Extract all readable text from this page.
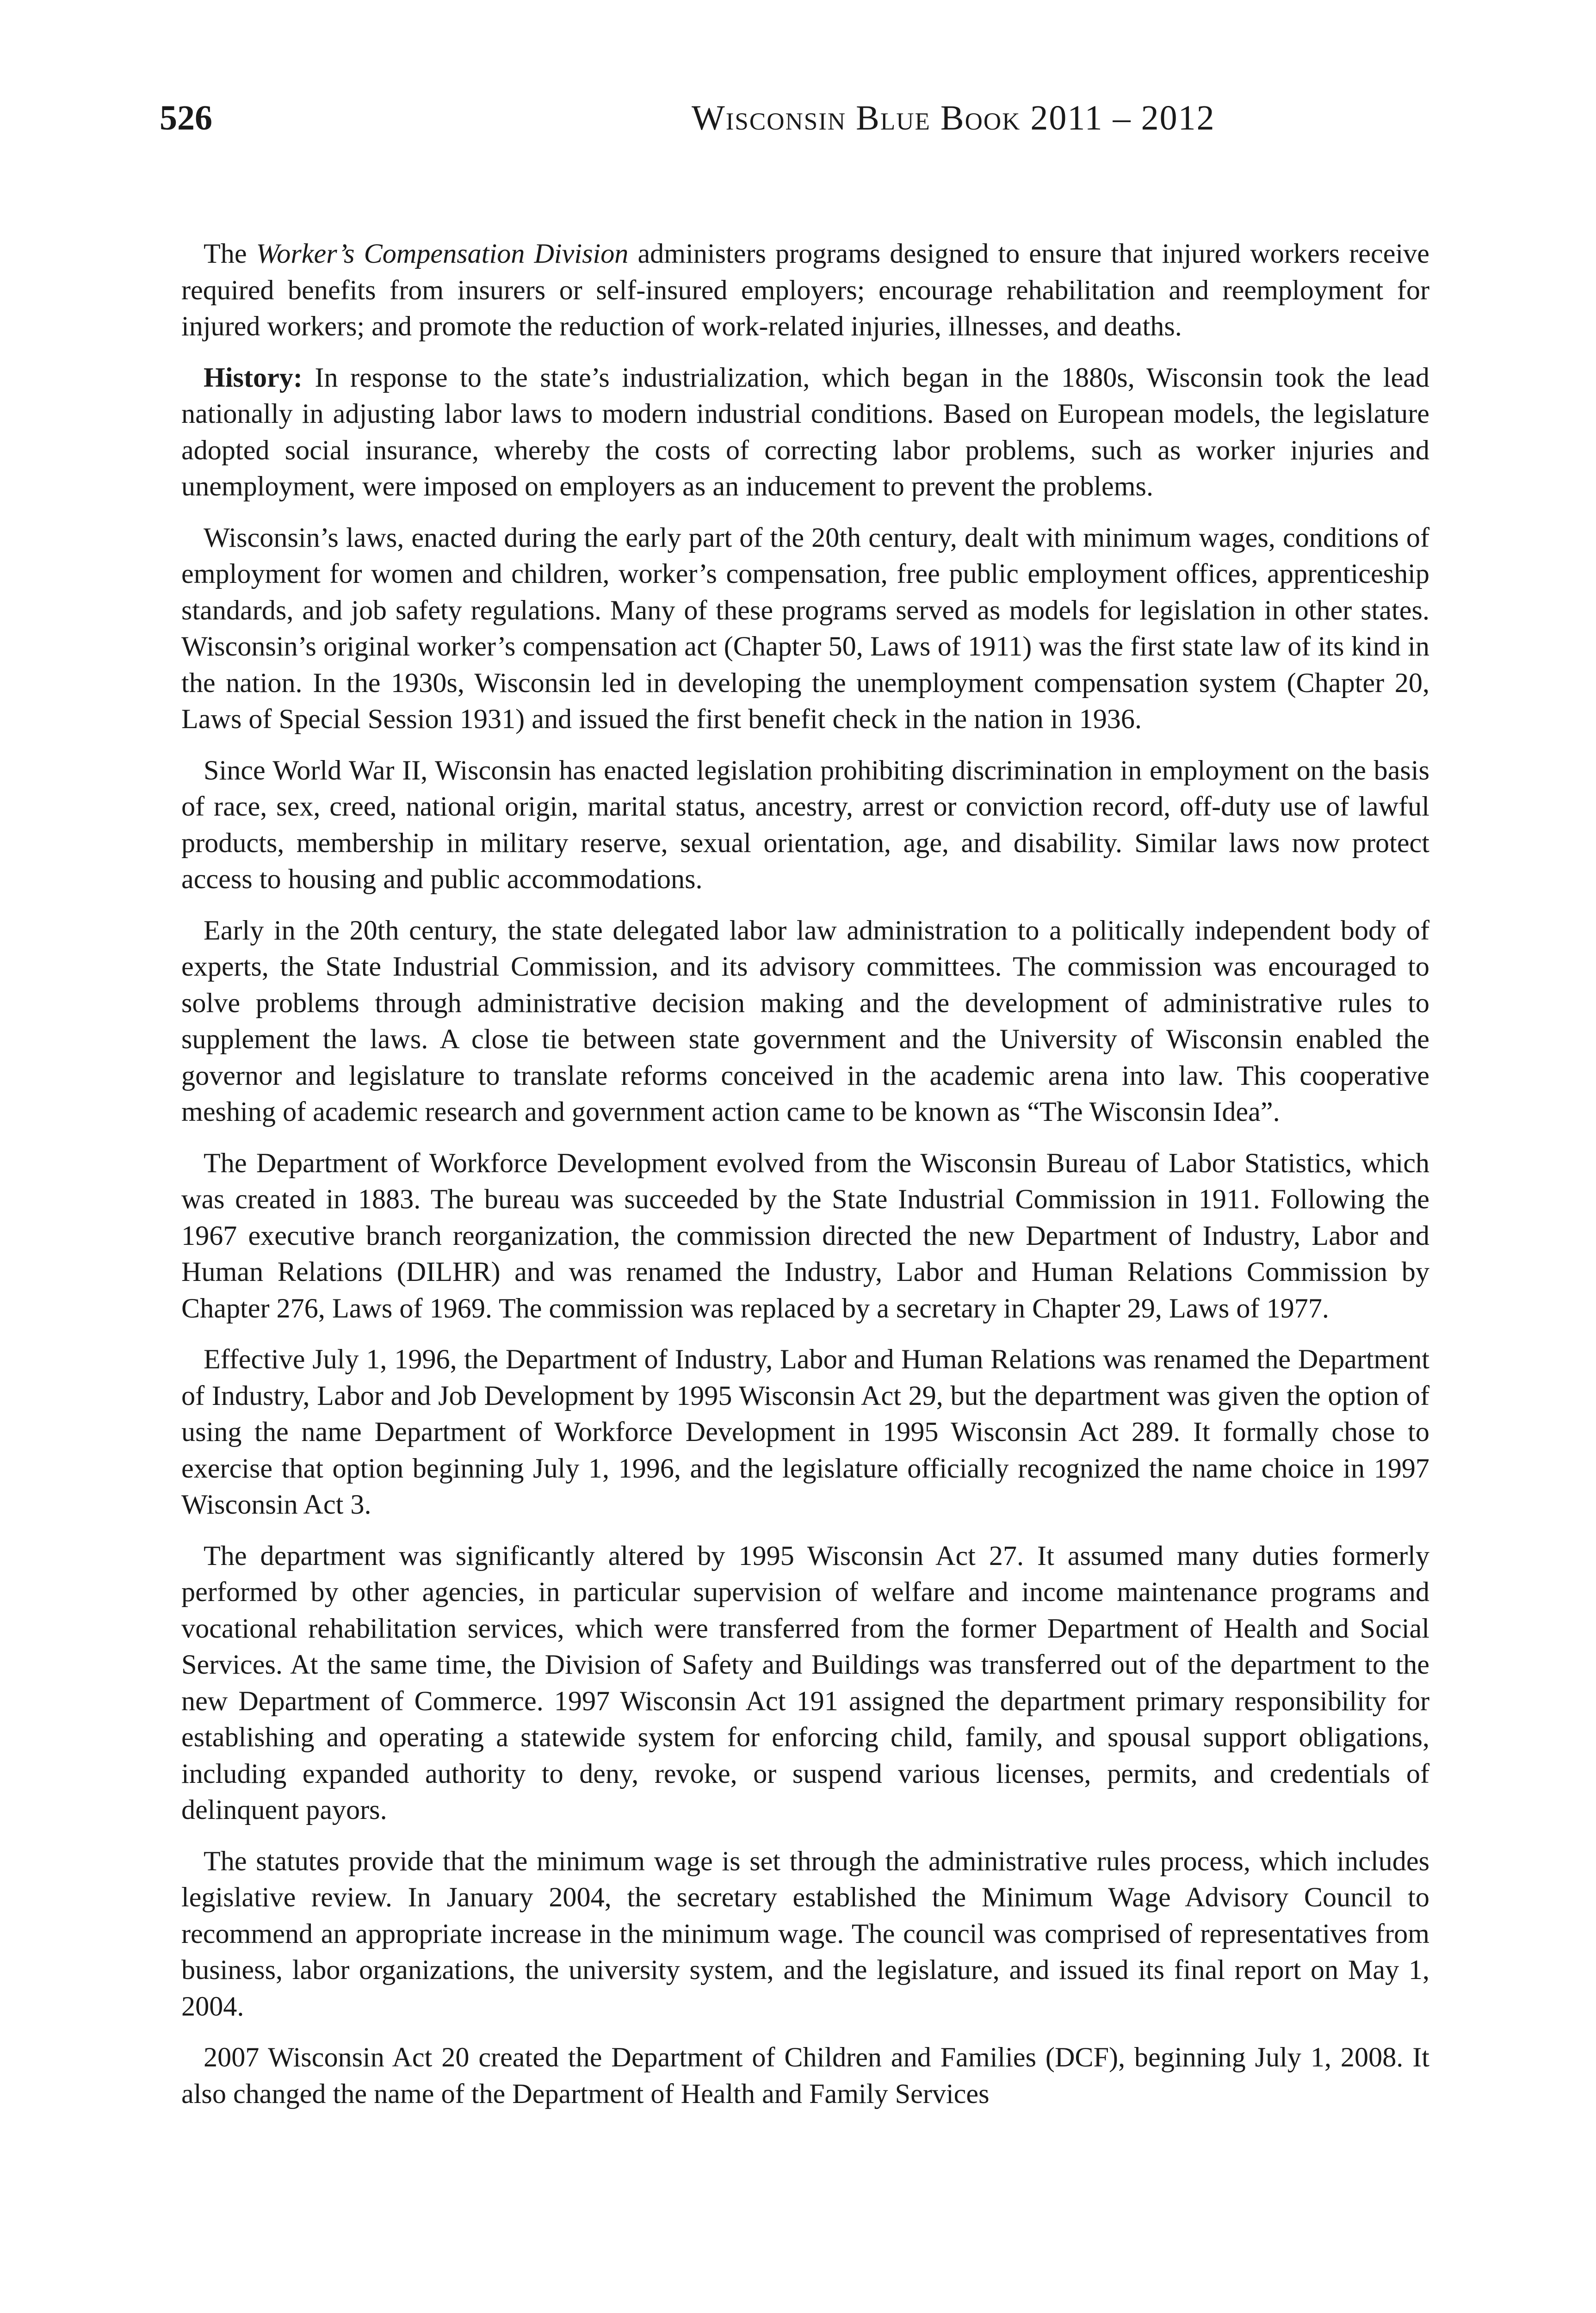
526	Wisconsin Blue Book 2011 – 2012

The Worker’s Compensation Division administers programs designed to ensure that injured workers receive required benefits from insurers or self-insured employers; encourage rehabilitation and reemployment for injured workers; and promote the reduction of work-related injuries, illnesses, and deaths.

History: In response to the state’s industrialization, which began in the 1880s, Wisconsin took the lead nationally in adjusting labor laws to modern industrial conditions. Based on European models, the legislature adopted social insurance, whereby the costs of correcting labor problems, such as worker injuries and unemployment, were imposed on employers as an inducement to prevent the problems.

Wisconsin’s laws, enacted during the early part of the 20th century, dealt with minimum wages, conditions of employment for women and children, worker’s compensation, free public employment offices, apprenticeship standards, and job safety regulations. Many of these programs served as models for legislation in other states. Wisconsin’s original worker’s compensation act (Chapter 50, Laws of 1911) was the first state law of its kind in the nation. In the 1930s, Wisconsin led in developing the unemployment compensation system (Chapter 20, Laws of Special Session 1931) and issued the first benefit check in the nation in 1936.

Since World War II, Wisconsin has enacted legislation prohibiting discrimination in employment on the basis of race, sex, creed, national origin, marital status, ancestry, arrest or conviction record, off-duty use of lawful products, membership in military reserve, sexual orientation, age, and disability. Similar laws now protect access to housing and public accommodations.

Early in the 20th century, the state delegated labor law administration to a politically independent body of experts, the State Industrial Commission, and its advisory committees. The commission was encouraged to solve problems through administrative decision making and the development of administrative rules to supplement the laws. A close tie between state government and the University of Wisconsin enabled the governor and legislature to translate reforms conceived in the academic arena into law. This cooperative meshing of academic research and government action came to be known as “The Wisconsin Idea”.

The Department of Workforce Development evolved from the Wisconsin Bureau of Labor Statistics, which was created in 1883. The bureau was succeeded by the State Industrial Commission in 1911. Following the 1967 executive branch reorganization, the commission directed the new Department of Industry, Labor and Human Relations (DILHR) and was renamed the Industry, Labor and Human Relations Commission by Chapter 276, Laws of 1969. The commission was replaced by a secretary in Chapter 29, Laws of 1977.

Effective July 1, 1996, the Department of Industry, Labor and Human Relations was renamed the Department of Industry, Labor and Job Development by 1995 Wisconsin Act 29, but the department was given the option of using the name Department of Workforce Development in 1995 Wisconsin Act 289. It formally chose to exercise that option beginning July 1, 1996, and the legislature officially recognized the name choice in 1997 Wisconsin Act 3.

The department was significantly altered by 1995 Wisconsin Act 27. It assumed many duties formerly performed by other agencies, in particular supervision of welfare and income maintenance programs and vocational rehabilitation services, which were transferred from the former Department of Health and Social Services. At the same time, the Division of Safety and Buildings was transferred out of the department to the new Department of Commerce. 1997 Wisconsin Act 191 assigned the department primary responsibility for establishing and operating a statewide system for enforcing child, family, and spousal support obligations, including expanded authority to deny, revoke, or suspend various licenses, permits, and credentials of delinquent payors.

The statutes provide that the minimum wage is set through the administrative rules process, which includes legislative review. In January 2004, the secretary established the Minimum Wage Advisory Council to recommend an appropriate increase in the minimum wage. The council was comprised of representatives from business, labor organizations, the university system, and the legislature, and issued its final report on May 1, 2004.

2007 Wisconsin Act 20 created the Department of Children and Families (DCF), beginning July 1, 2008. It also changed the name of the Department of Health and Family Services
